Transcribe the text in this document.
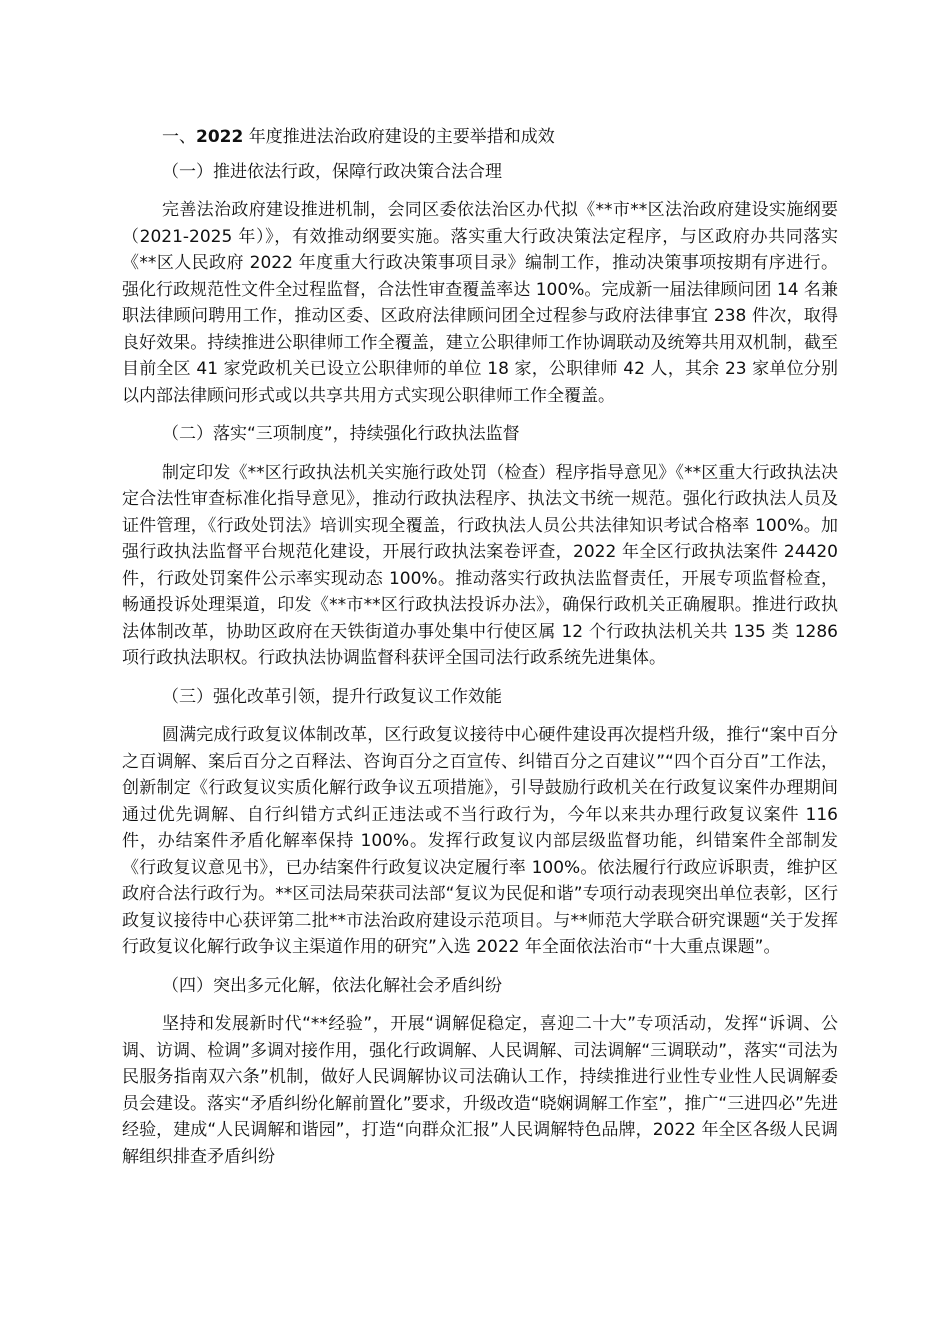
一、2022 年度推进法治政府建设的主要举措和成效

（一）推进依法行政，保障行政决策合法合理

完善法治政府建设推进机制，会同区委依法治区办代拟《**市**区法治政府建设实施纲要（2021-2025 年）》，有效推动纲要实施。落实重大行政决策法定程序，与区政府办共同落实《**区人民政府 2022 年度重大行政决策事项目录》编制工作，推动决策事项按期有序进行。强化行政规范性文件全过程监督，合法性审查覆盖率达 100%。完成新一届法律顾问团 14 名兼职法律顾问聘用工作，推动区委、区政府法律顾问团全过程参与政府法律事宜 238 件次，取得良好效果。持续推进公职律师工作全覆盖，建立公职律师工作协调联动及统筹共用双机制，截至目前全区 41 家党政机关已设立公职律师的单位 18 家，公职律师 42 人，其余 23 家单位分别以内部法律顾问形式或以共享共用方式实现公职律师工作全覆盖。

（二）落实“三项制度”，持续强化行政执法监督

制定印发《**区行政执法机关实施行政处罚（检查）程序指导意见》《**区重大行政执法决定合法性审查标准化指导意见》，推动行政执法程序、执法文书统一规范。强化行政执法人员及证件管理，《行政处罚法》培训实现全覆盖，行政执法人员公共法律知识考试合格率 100%。加强行政执法监督平台规范化建设，开展行政执法案卷评查，2022 年全区行政执法案件 24420 件，行政处罚案件公示率实现动态 100%。推动落实行政执法监督责任，开展专项监督检查，畅通投诉处理渠道，印发《**市**区行政执法投诉办法》，确保行政机关正确履职。推进行政执法体制改革，协助区政府在天铁街道办事处集中行使区属 12 个行政执法机关共 135 类 1286 项行政执法职权。行政执法协调监督科获评全国司法行政系统先进集体。

（三）强化改革引领，提升行政复议工作效能

圆满完成行政复议体制改革，区行政复议接待中心硬件建设再次提档升级，推行“案中百分之百调解、案后百分之百释法、咨询百分之百宣传、纠错百分之百建议”“四个百分百”工作法，创新制定《行政复议实质化解行政争议五项措施》，引导鼓励行政机关在行政复议案件办理期间通过优先调解、自行纠错方式纠正违法或不当行政行为，今年以来共办理行政复议案件 116 件，办结案件矛盾化解率保持 100%。发挥行政复议内部层级监督功能，纠错案件全部制发《行政复议意见书》，已办结案件行政复议决定履行率 100%。依法履行行政应诉职责，维护区政府合法行政行为。**区司法局荣获司法部“复议为民促和谐”专项行动表现突出单位表彰，区行政复议接待中心获评第二批**市法治政府建设示范项目。与**师范大学联合研究课题“关于发挥行政复议化解行政争议主渠道作用的研究”入选 2022 年全面依法治市“十大重点课题”。

（四）突出多元化解，依法化解社会矛盾纠纷

坚持和发展新时代“**经验”，开展“调解促稳定，喜迎二十大”专项活动，发挥“诉调、公调、访调、检调”多调对接作用，强化行政调解、人民调解、司法调解“三调联动”，落实“司法为民服务指南双六条”机制，做好人民调解协议司法确认工作，持续推进行业性专业性人民调解委员会建设。落实“矛盾纠纷化解前置化”要求，升级改造“晓娴调解工作室”，推广“三进四必”先进经验，建成“人民调解和谐园”，打造“向群众汇报”人民调解特色品牌，2022 年全区各级人民调解组织排查矛盾纠纷
